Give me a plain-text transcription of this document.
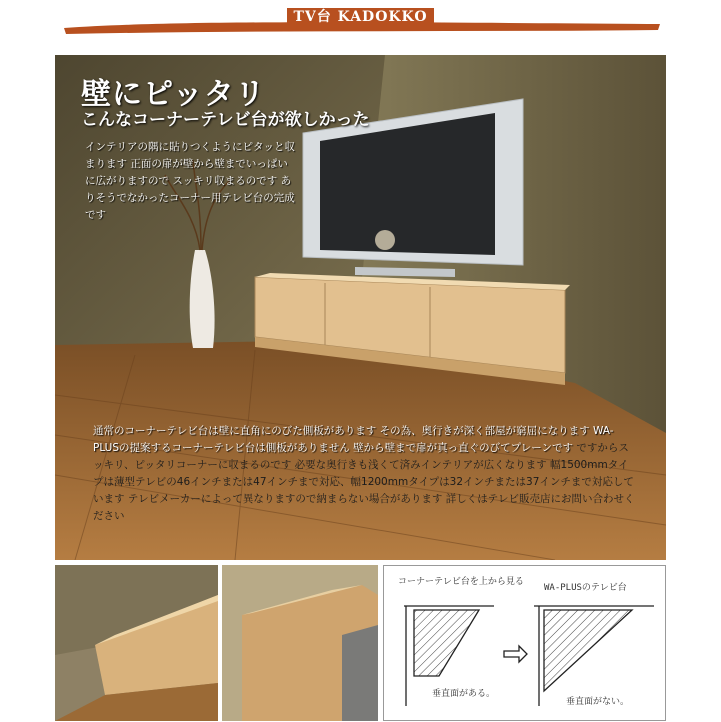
TV台 KADOKKO
壁にピッタリ
こんなコーナーテレビ台が欲しかった
インテリアの隅に貼りつくようにピタッと収まります 正面の扉が壁から壁までいっぱいに広がりますので スッキリ収まるのです ありそうでなかったコーナー用テレビ台の完成です
通常のコーナーテレビ台は壁に直角にのびた側板があります その為、奥行きが深く部屋が窮屈になります WA-PLUSの提案するコーナーテレビ台は側板がありません 壁から壁まで扉が真っ直ぐのびてプレーンです ですからスッキリ、ピッタリコーナーに収まるのです 必要な奥行きも浅くて済みインテリアが広くなります 幅1500mmタイプは薄型テレビの46インチまたは47インチまで対応、幅1200mmタイプは32インチまたは37インチまで対応しています テレビメーカーによって異なりますので納まらない場合があります 詳しくはテレビ販売店にお問い合わせください
コーナーテレビ台を上から見る
WA-PLUSのテレビ台
垂直面がある。
垂直面がない。
